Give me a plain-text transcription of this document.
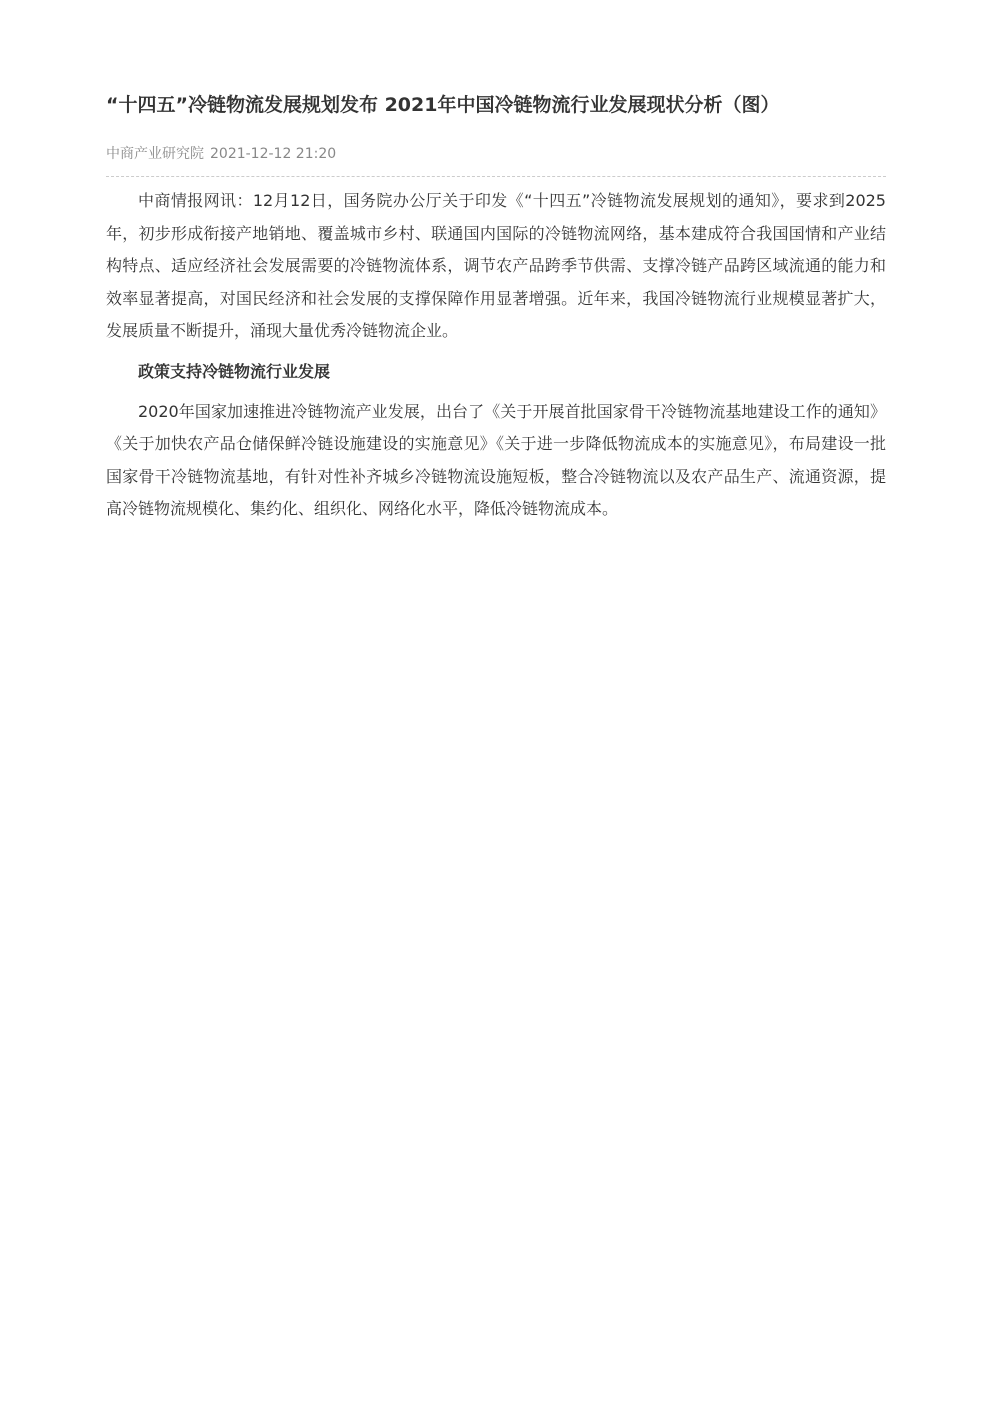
“十四五”冷链物流发展规划发布 2021年中国冷链物流行业发展现状分析（图）
中商产业研究院 2021-12-12 21:20

中商情报网讯：12月12日，国务院办公厅关于印发《“十四五”冷链物流发展规划的通知》，要求到2025年，初步形成衔接产地销地、覆盖城市乡村、联通国内国际的冷链物流网络，基本建成符合我国国情和产业结构特点、适应经济社会发展需要的冷链物流体系，调节农产品跨季节供需、支撑冷链产品跨区域流通的能力和效率显著提高，对国民经济和社会发展的支撑保障作用显著增强。近年来，我国冷链物流行业规模显著扩大，发展质量不断提升，涌现大量优秀冷链物流企业。

政策支持冷链物流行业发展

2020年国家加速推进冷链物流产业发展，出台了《关于开展首批国家骨干冷链物流基地建设工作的通知》《关于加快农产品仓储保鲜冷链设施建设的实施意见》《关于进一步降低物流成本的实施意见》，布局建设一批国家骨干冷链物流基地，有针对性补齐城乡冷链物流设施短板，整合冷链物流以及农产品生产、流通资源，提高冷链物流规模化、集约化、组织化、网络化水平，降低冷链物流成本。
